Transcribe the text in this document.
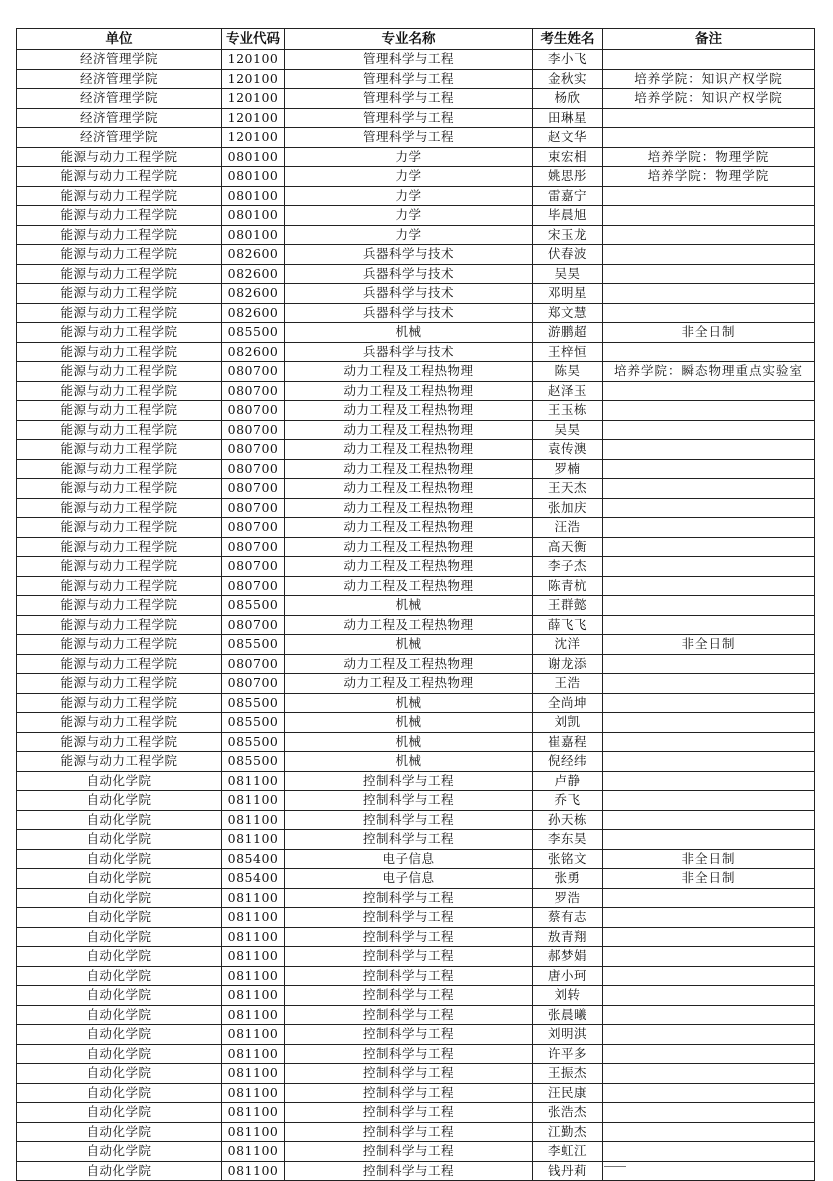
单位	专业代码	专业名称	考生姓名	备注
经济管理学院	120100	管理科学与工程	李小飞	
经济管理学院	120100	管理科学与工程	金秋实	培养学院：知识产权学院
经济管理学院	120100	管理科学与工程	杨欣	培养学院：知识产权学院
经济管理学院	120100	管理科学与工程	田琳星	
经济管理学院	120100	管理科学与工程	赵文华	
能源与动力工程学院	080100	力学	束宏相	培养学院：物理学院
能源与动力工程学院	080100	力学	姚思彤	培养学院：物理学院
能源与动力工程学院	080100	力学	雷嘉宁	
能源与动力工程学院	080100	力学	毕晨旭	
能源与动力工程学院	080100	力学	宋玉龙	
能源与动力工程学院	082600	兵器科学与技术	伏春波	
能源与动力工程学院	082600	兵器科学与技术	吴昊	
能源与动力工程学院	082600	兵器科学与技术	邓明星	
能源与动力工程学院	082600	兵器科学与技术	郑文慧	
能源与动力工程学院	085500	机械	游鹏超	非全日制
能源与动力工程学院	082600	兵器科学与技术	王梓恒	
能源与动力工程学院	080700	动力工程及工程热物理	陈昊	培养学院：瞬态物理重点实验室
能源与动力工程学院	080700	动力工程及工程热物理	赵泽玉	
能源与动力工程学院	080700	动力工程及工程热物理	王玉栋	
能源与动力工程学院	080700	动力工程及工程热物理	吴昊	
能源与动力工程学院	080700	动力工程及工程热物理	袁传澳	
能源与动力工程学院	080700	动力工程及工程热物理	罗楠	
能源与动力工程学院	080700	动力工程及工程热物理	王天杰	
能源与动力工程学院	080700	动力工程及工程热物理	张加庆	
能源与动力工程学院	080700	动力工程及工程热物理	汪浩	
能源与动力工程学院	080700	动力工程及工程热物理	高天衡	
能源与动力工程学院	080700	动力工程及工程热物理	李子杰	
能源与动力工程学院	080700	动力工程及工程热物理	陈青杭	
能源与动力工程学院	085500	机械	王群懿	
能源与动力工程学院	080700	动力工程及工程热物理	薛飞飞	
能源与动力工程学院	085500	机械	沈洋	非全日制
能源与动力工程学院	080700	动力工程及工程热物理	谢龙添	
能源与动力工程学院	080700	动力工程及工程热物理	王浩	
能源与动力工程学院	085500	机械	全尚坤	
能源与动力工程学院	085500	机械	刘凯	
能源与动力工程学院	085500	机械	崔嘉程	
能源与动力工程学院	085500	机械	倪经纬	
自动化学院	081100	控制科学与工程	卢静	
自动化学院	081100	控制科学与工程	乔飞	
自动化学院	081100	控制科学与工程	孙天栋	
自动化学院	081100	控制科学与工程	李东昊	
自动化学院	085400	电子信息	张铭文	非全日制
自动化学院	085400	电子信息	张勇	非全日制
自动化学院	081100	控制科学与工程	罗浩	
自动化学院	081100	控制科学与工程	蔡有志	
自动化学院	081100	控制科学与工程	敖青翔	
自动化学院	081100	控制科学与工程	郝梦娟	
自动化学院	081100	控制科学与工程	唐小珂	
自动化学院	081100	控制科学与工程	刘转	
自动化学院	081100	控制科学与工程	张晨曦	
自动化学院	081100	控制科学与工程	刘明淇	
自动化学院	081100	控制科学与工程	许平多	
自动化学院	081100	控制科学与工程	王振杰	
自动化学院	081100	控制科学与工程	汪民康	
自动化学院	081100	控制科学与工程	张浩杰	
自动化学院	081100	控制科学与工程	江勤杰	
自动化学院	081100	控制科学与工程	李虹江	
自动化学院	081100	控制科学与工程	钱丹莉	
